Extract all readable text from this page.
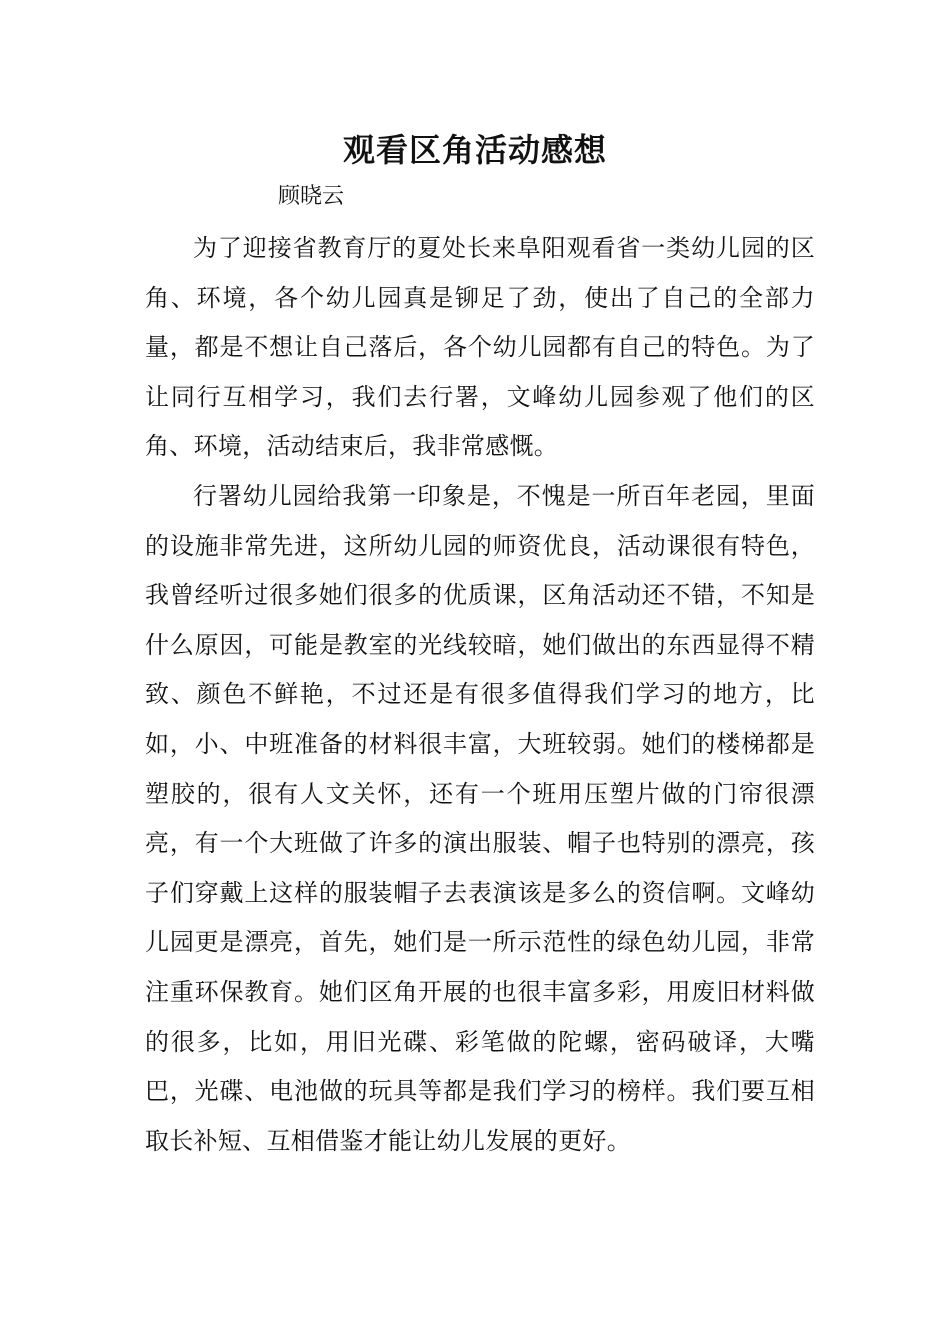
观看区角活动感想
顾晓云

为了迎接省教育厅的夏处长来阜阳观看省一类幼儿园的区角、环境，各个幼儿园真是铆足了劲，使出了自己的全部力量，都是不想让自己落后，各个幼儿园都有自己的特色。为了让同行互相学习，我们去行署，文峰幼儿园参观了他们的区角、环境，活动结束后，我非常感慨。

行署幼儿园给我第一印象是，不愧是一所百年老园，里面的设施非常先进，这所幼儿园的师资优良，活动课很有特色，我曾经听过很多她们很多的优质课，区角活动还不错，不知是什么原因，可能是教室的光线较暗，她们做出的东西显得不精致、颜色不鲜艳，不过还是有很多值得我们学习的地方，比如，小、中班准备的材料很丰富，大班较弱。她们的楼梯都是塑胶的，很有人文关怀，还有一个班用压塑片做的门帘很漂亮，有一个大班做了许多的演出服装、帽子也特别的漂亮，孩子们穿戴上这样的服装帽子去表演该是多么的资信啊。文峰幼儿园更是漂亮，首先，她们是一所示范性的绿色幼儿园，非常注重环保教育。她们区角开展的也很丰富多彩，用废旧材料做的很多，比如，用旧光碟、彩笔做的陀螺，密码破译，大嘴巴，光碟、电池做的玩具等都是我们学习的榜样。我们要互相取长补短、互相借鉴才能让幼儿发展的更好。
